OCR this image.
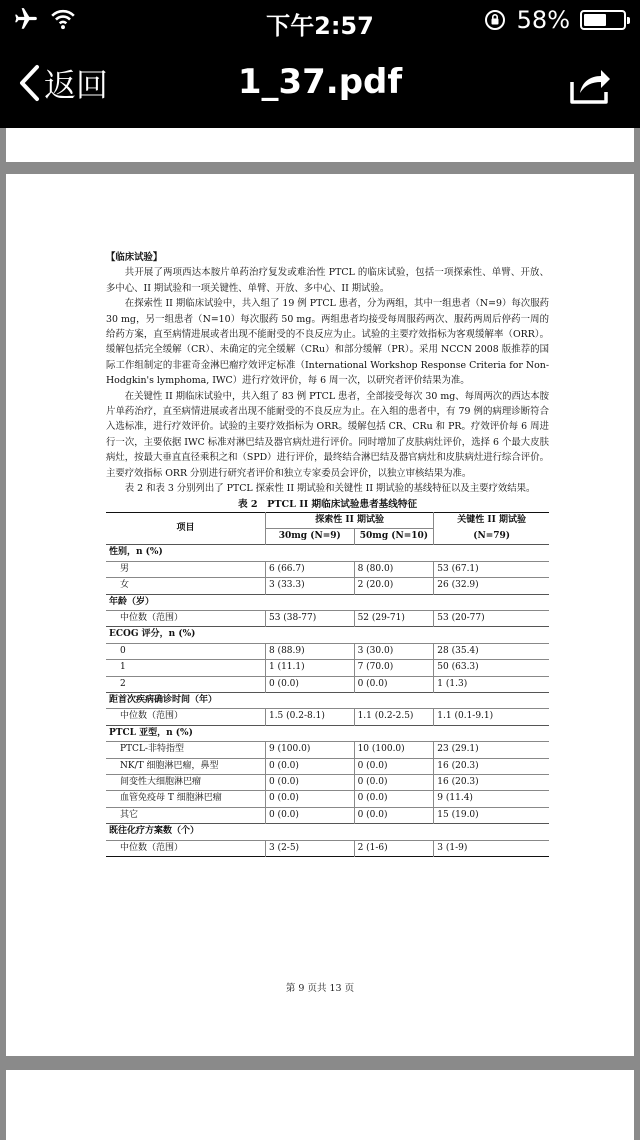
下午2:57	58%
返回	1_37.pdf

【临床试验】

共开展了两项西达本胺片单药治疗复发或难治性 PTCL 的临床试验，包括一项探索性、单臂、开放、多中心、II 期试验和一项关键性、单臂、开放、多中心、II 期试验。

在探索性 II 期临床试验中，共入组了 19 例 PTCL 患者，分为两组，其中一组患者（N=9）每次服药 30 mg，另一组患者（N=10）每次服药 50 mg。两组患者均接受每周服药两次、服药两周后停药一周的给药方案，直至病情进展或者出现不能耐受的不良反应为止。试验的主要疗效指标为客观缓解率（ORR）。缓解包括完全缓解（CR）、未确定的完全缓解（CRu）和部分缓解（PR）。采用 NCCN 2008 版推荐的国际工作组制定的非霍奇金淋巴瘤疗效评定标准（International Workshop Response Criteria for Non-Hodgkin's lymphoma, IWC）进行疗效评价，每 6 周一次，以研究者评价结果为准。

在关键性 II 期临床试验中，共入组了 83 例 PTCL 患者，全部接受每次 30 mg、每周两次的西达本胺片单药治疗，直至病情进展或者出现不能耐受的不良反应为止。在入组的患者中，有 79 例的病理诊断符合入选标准，进行疗效评价。试验的主要疗效指标为 ORR。缓解包括 CR、CRu 和 PR。疗效评价每 6 周进行一次，主要依据 IWC 标准对淋巴结及器官病灶进行评价。同时增加了皮肤病灶评价，选择 6 个最大皮肤病灶，按最大垂直直径乘积之和（SPD）进行评价，最终结合淋巴结及器官病灶和皮肤病灶进行综合评价。主要疗效指标 ORR 分别进行研究者评价和独立专家委员会评价，以独立审核结果为准。

表 2 和表 3 分别列出了 PTCL 探索性 II 期试验和关键性 II 期试验的基线特征以及主要疗效结果。

表 2　PTCL II 期临床试验患者基线特征
项目	探索性 II 期试验		关键性 II 期试验
	30mg (N=9)	50mg (N=10)	(N=79)
性别，n (%)			
男	6 (66.7)	8 (80.0)	53 (67.1)
女	3 (33.3)	2 (20.0)	26 (32.9)
年龄（岁）			
中位数（范围）	53 (38-77)	52 (29-71)	53 (20-77)
ECOG 评分，n (%)			
0	8 (88.9)	3 (30.0)	28 (35.4)
1	1 (11.1)	7 (70.0)	50 (63.3)
2	0 (0.0)	0 (0.0)	1 (1.3)
距首次疾病确诊时间（年）			
中位数（范围）	1.5 (0.2-8.1)	1.1 (0.2-2.5)	1.1 (0.1-9.1)
PTCL 亚型，n (%)			
PTCL-非特指型	9 (100.0)	10 (100.0)	23 (29.1)
NK/T 细胞淋巴瘤，鼻型	0 (0.0)	0 (0.0)	16 (20.3)
间变性大细胞淋巴瘤	0 (0.0)	0 (0.0)	16 (20.3)
血管免疫母 T 细胞淋巴瘤	0 (0.0)	0 (0.0)	9 (11.4)
其它	0 (0.0)	0 (0.0)	15 (19.0)
既往化疗方案数（个）			
中位数（范围）	3 (2-5)	2 (1-6)	3 (1-9)
第 9 页共 13 页
